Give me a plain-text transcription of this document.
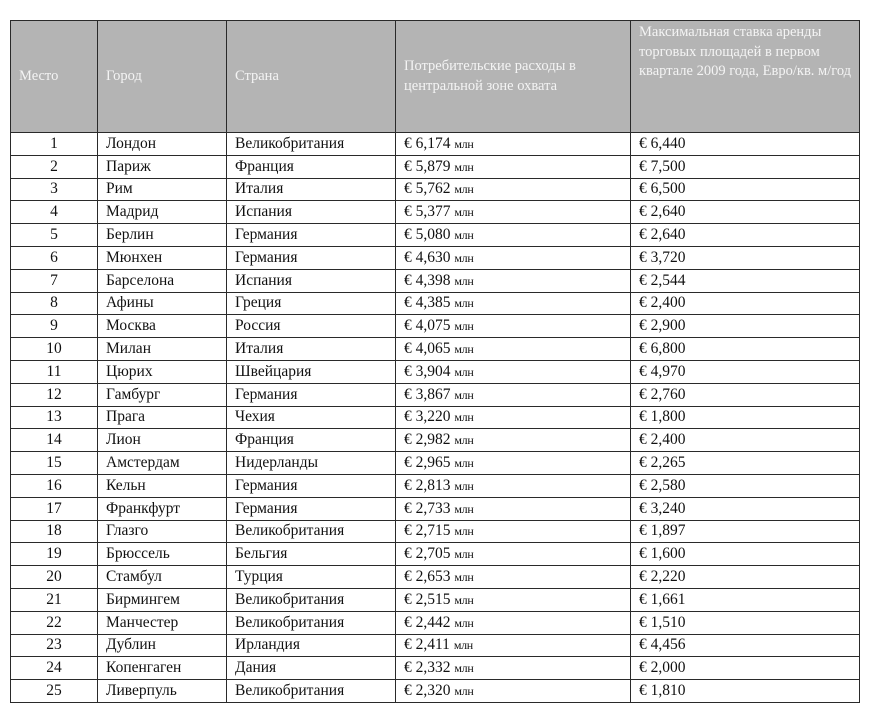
Место	Город	Страна	Потребительские расходы в центральной зоне охвата	Максимальная ставка аренды торговых площадей в первом квартале 2009 года, Евро/кв. м/год
1	Лондон	Великобритания	€ 6,174 млн	€ 6,440
2	Париж	Франция	€ 5,879 млн	€ 7,500
3	Рим	Италия	€ 5,762 млн	€ 6,500
4	Мадрид	Испания	€ 5,377 млн	€ 2,640
5	Берлин	Германия	€ 5,080 млн	€ 2,640
6	Мюнхен	Германия	€ 4,630 млн	€ 3,720
7	Барселона	Испания	€ 4,398 млн	€ 2,544
8	Афины	Греция	€ 4,385 млн	€ 2,400
9	Москва	Россия	€ 4,075 млн	€ 2,900
10	Милан	Италия	€ 4,065 млн	€ 6,800
11	Цюрих	Швейцария	€ 3,904 млн	€ 4,970
12	Гамбург	Германия	€ 3,867 млн	€ 2,760
13	Прага	Чехия	€ 3,220 млн	€ 1,800
14	Лион	Франция	€ 2,982 млн	€ 2,400
15	Амстердам	Нидерланды	€ 2,965 млн	€ 2,265
16	Кельн	Германия	€ 2,813 млн	€ 2,580
17	Франкфурт	Германия	€ 2,733 млн	€ 3,240
18	Глазго	Великобритания	€ 2,715 млн	€ 1,897
19	Брюссель	Бельгия	€ 2,705 млн	€ 1,600
20	Стамбул	Турция	€ 2,653 млн	€ 2,220
21	Бирмингем	Великобритания	€ 2,515 млн	€ 1,661
22	Манчестер	Великобритания	€ 2,442 млн	€ 1,510
23	Дублин	Ирландия	€ 2,411 млн	€ 4,456
24	Копенгаген	Дания	€ 2,332 млн	€ 2,000
25	Ливерпуль	Великобритания	€ 2,320 млн	€ 1,810
